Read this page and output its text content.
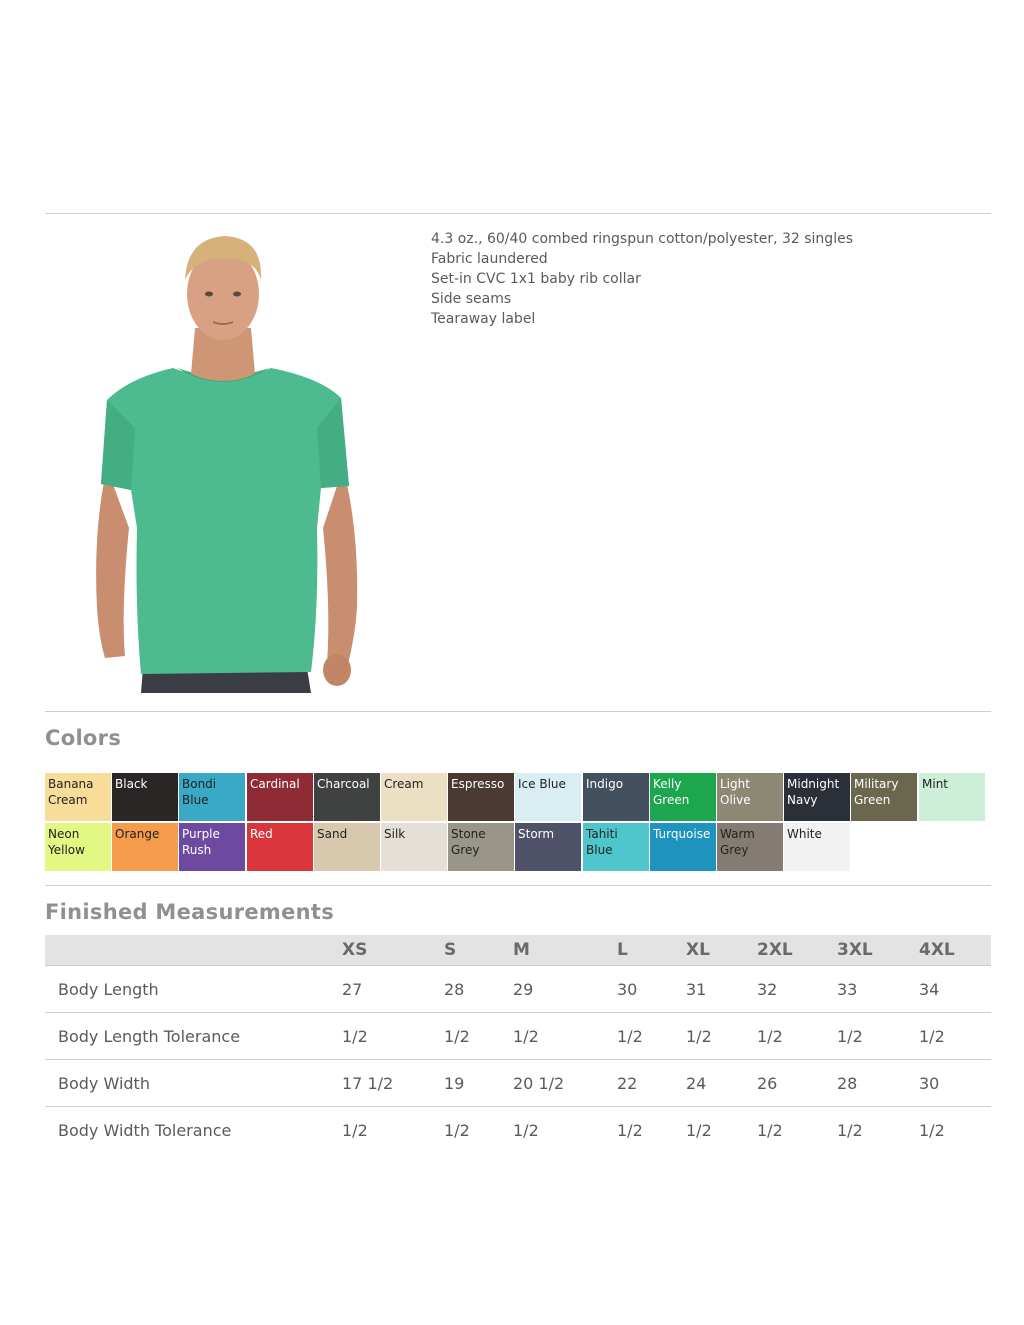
4.3 oz., 60/40 combed ringspun cotton/polyester, 32 singles
Fabric laundered
Set-in CVC 1x1 baby rib collar
Side seams
Tearaway label
Colors
Banana
Cream
Black	Bondi
Blue
Cardinal	Charcoal	Cream	Espresso	Ice Blue	Indigo	Kelly
Green
Light
Olive
Midnight
Navy
Military
Green
Mint
Neon
Yellow
Orange	Purple
Rush
Red	Sand	Silk	Stone
Grey
Storm	Tahiti
Blue
Turquoise Warm
Grey
White
Finished Measurements
	XS	S	M	L	XL	2XL	3XL	4XL
Body Length	27	28	29	30	31	32	33	34
Body Length Tolerance	1/2	1/2	1/2	1/2	1/2	1/2	1/2	1/2
Body Width	17 1/2	19	20 1/2	22	24	26	28	30
Body Width Tolerance	1/2	1/2	1/2	1/2	1/2	1/2	1/2	1/2
